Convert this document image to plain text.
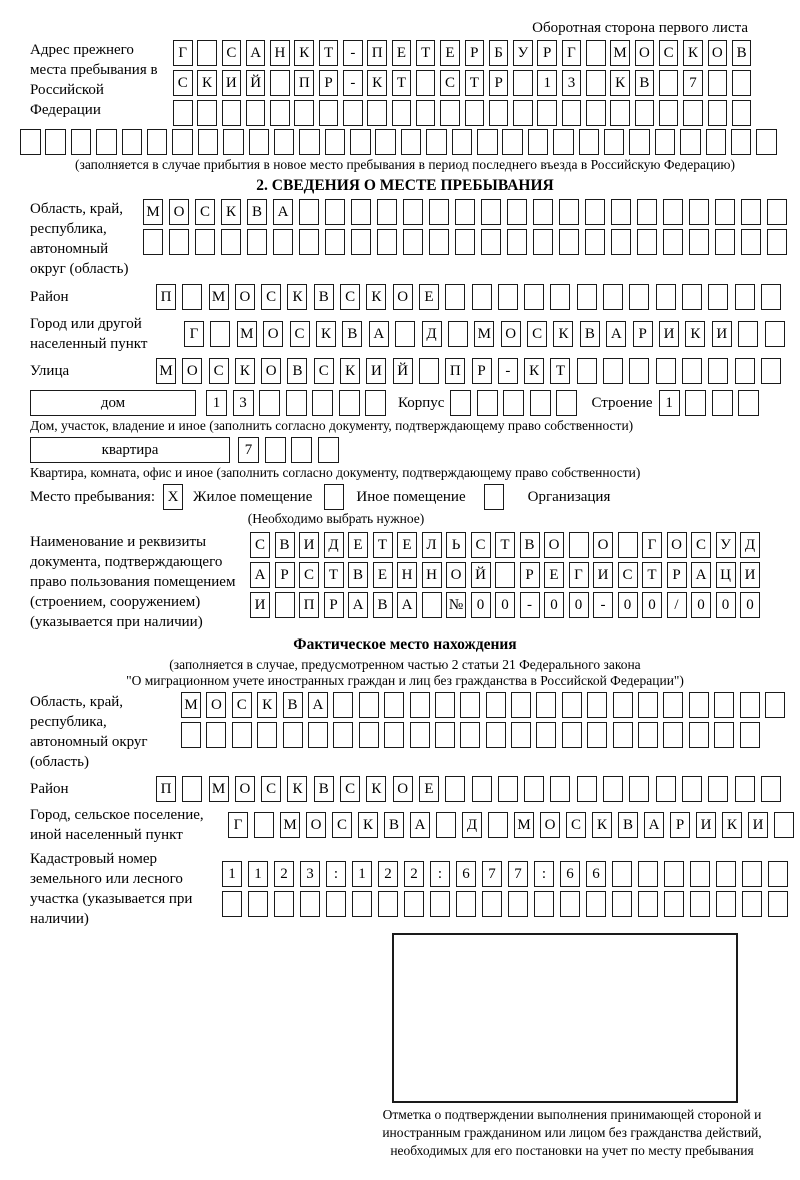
Оборотная сторона первого листа
Адрес прежнего места пребывания в Российской Федерации
Г	С А Н К Т	-	П Е	Т	Е	Р	Б У Р	Г	М О С К О В
С К И Й	П Р	-	К Т	С Т	Р	1	3	К В	7
(заполняется в случае прибытия в новое место пребывания в период последнего въезда в Российскую Федерацию)
2. СВЕДЕНИЯ О МЕСТЕ ПРЕБЫВАНИЯ
Область, край, республика, автономный округ (область)
М О	С	К	В	А
Район	П	М О	С	К	В	С	К	О	Е
Город или другой населенный пункт
Г	М О	С	К	В	А	Д	М О	С	К	В	А	Р	И	К	И
Улица	М О	С	К	О	В	С	К	И	Й	П	Р	-	К	Т
дом	1	3	Корпус	Строение 1
Дом, участок, владение и иное (заполнить согласно документу, подтверждающему право собственности)
квартира	7
Квартира, комната, офис и иное (заполнить согласно документу, подтверждающему право собственности)
Место пребывания: X Жилое помещение	Иное помещение	Организация
(Необходимо выбрать нужное)
Наименование и реквизиты документа, подтверждающего право пользования помещением (строением, сооружением) (указывается при наличии)
С В И Д Е	Т	Е Л	Ь	С Т В О	О	Г О С У Д
А Р	С Т В Е Н Н О Й	Р	Е	Г И С Т	Р А Ц И
И	П Р А В А	№ 0	0	-	0	0	-	0	0	/	0	0	0
Фактическое место нахождения
(заполняется в случае, предусмотренном частью 2 статьи 21 Федерального закона
"О миграционном учете иностранных граждан и лиц без гражданства в Российской Федерации")
Область, край, республика, автономный округ (область)
М О С	К	В А
Район	П	М О	С	К	В	С	К	О	Е
Город, сельское поселение, иной населенный пункт
Г	М О	С	К	В	А	Д	М О	С	К	В	А	Р	И	К	И
Кадастровый номер земельного или лесного участка (указывается при наличии)
1	1	2	3	:	1	2	2	:	6	7	7	:	6	6
Отметка о подтверждении выполнения принимающей стороной и иностранным гражданином или лицом без гражданства действий, необходимых для его постановки на учет по месту пребывания
